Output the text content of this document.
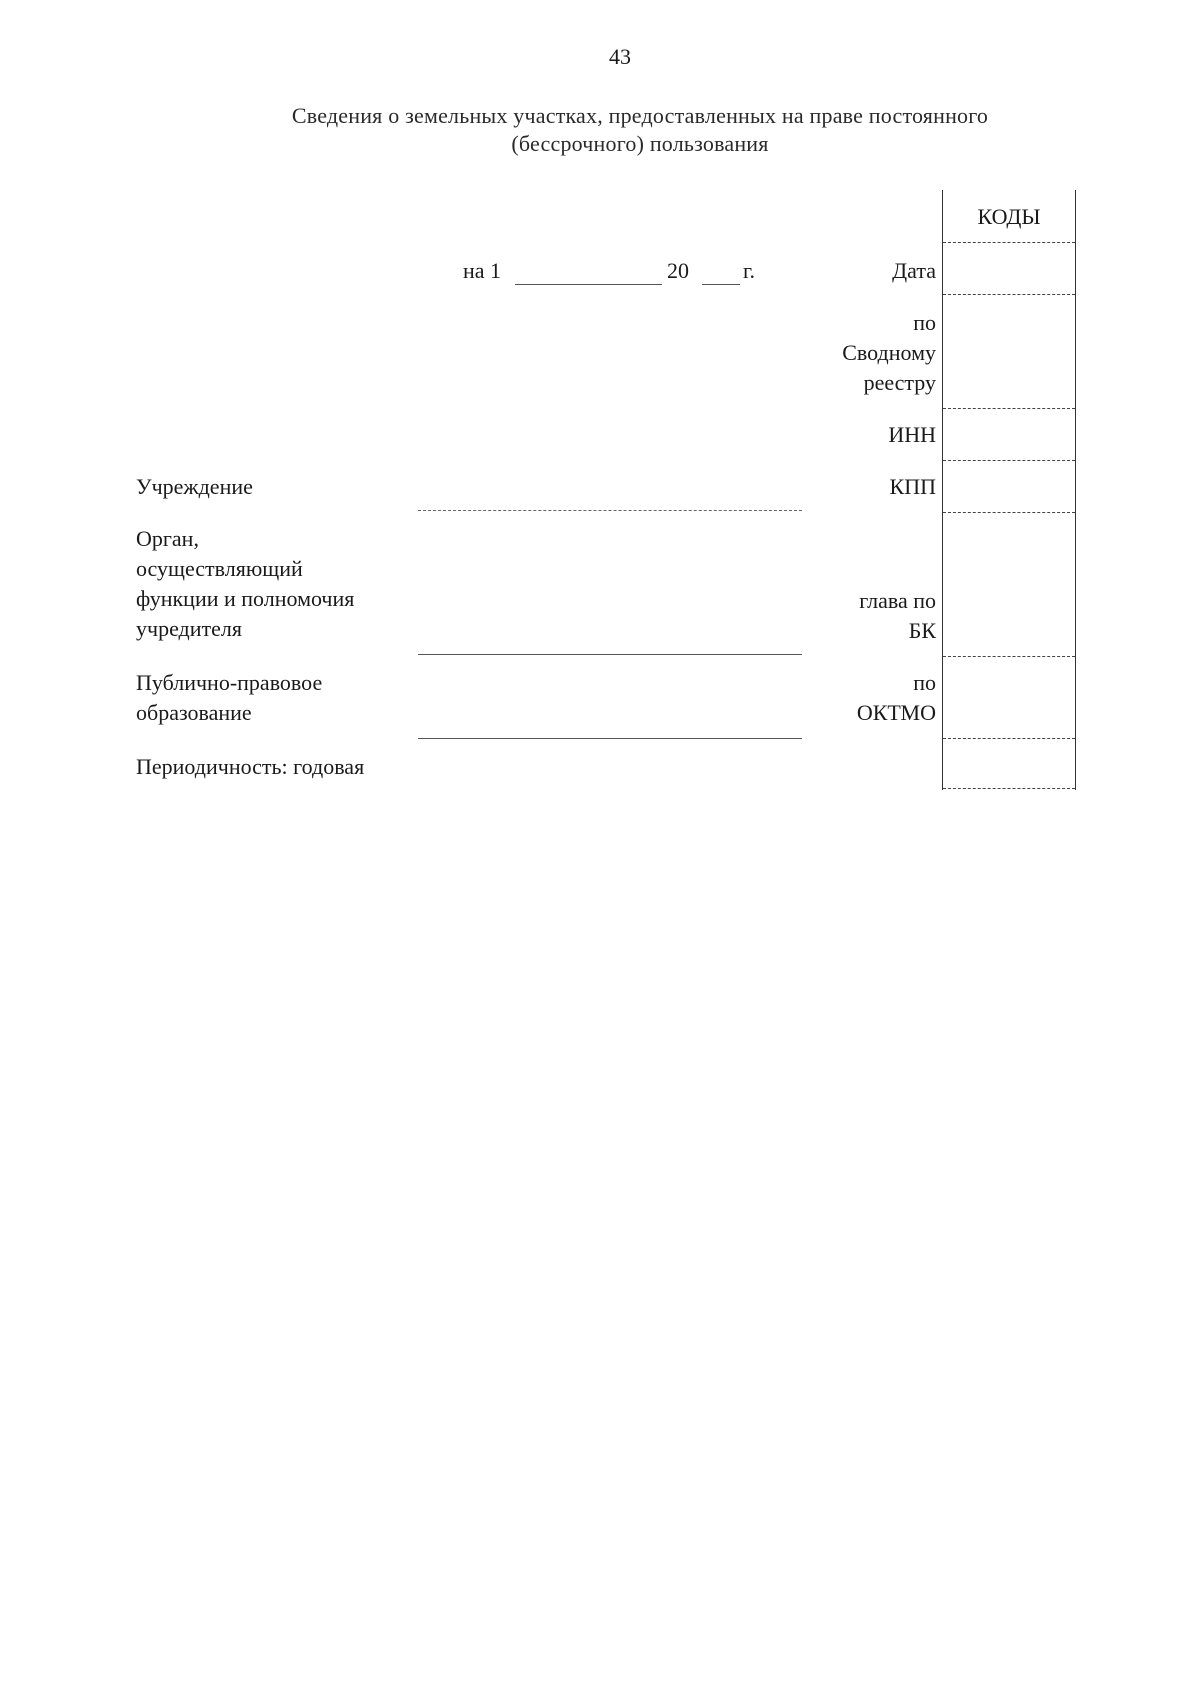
43
Сведения о земельных участках, предоставленных на праве постоянного
(бессрочного) пользования
КОДЫ
на 1	20 г.	Дата
по
Сводному
реестру
ИНН
КПП
глава по
БК
по
ОКТМО
Учреждение
Орган,
осуществляющий
функции и полномочия
учредителя
Публично-правовое
образование
Периодичность: годовая
